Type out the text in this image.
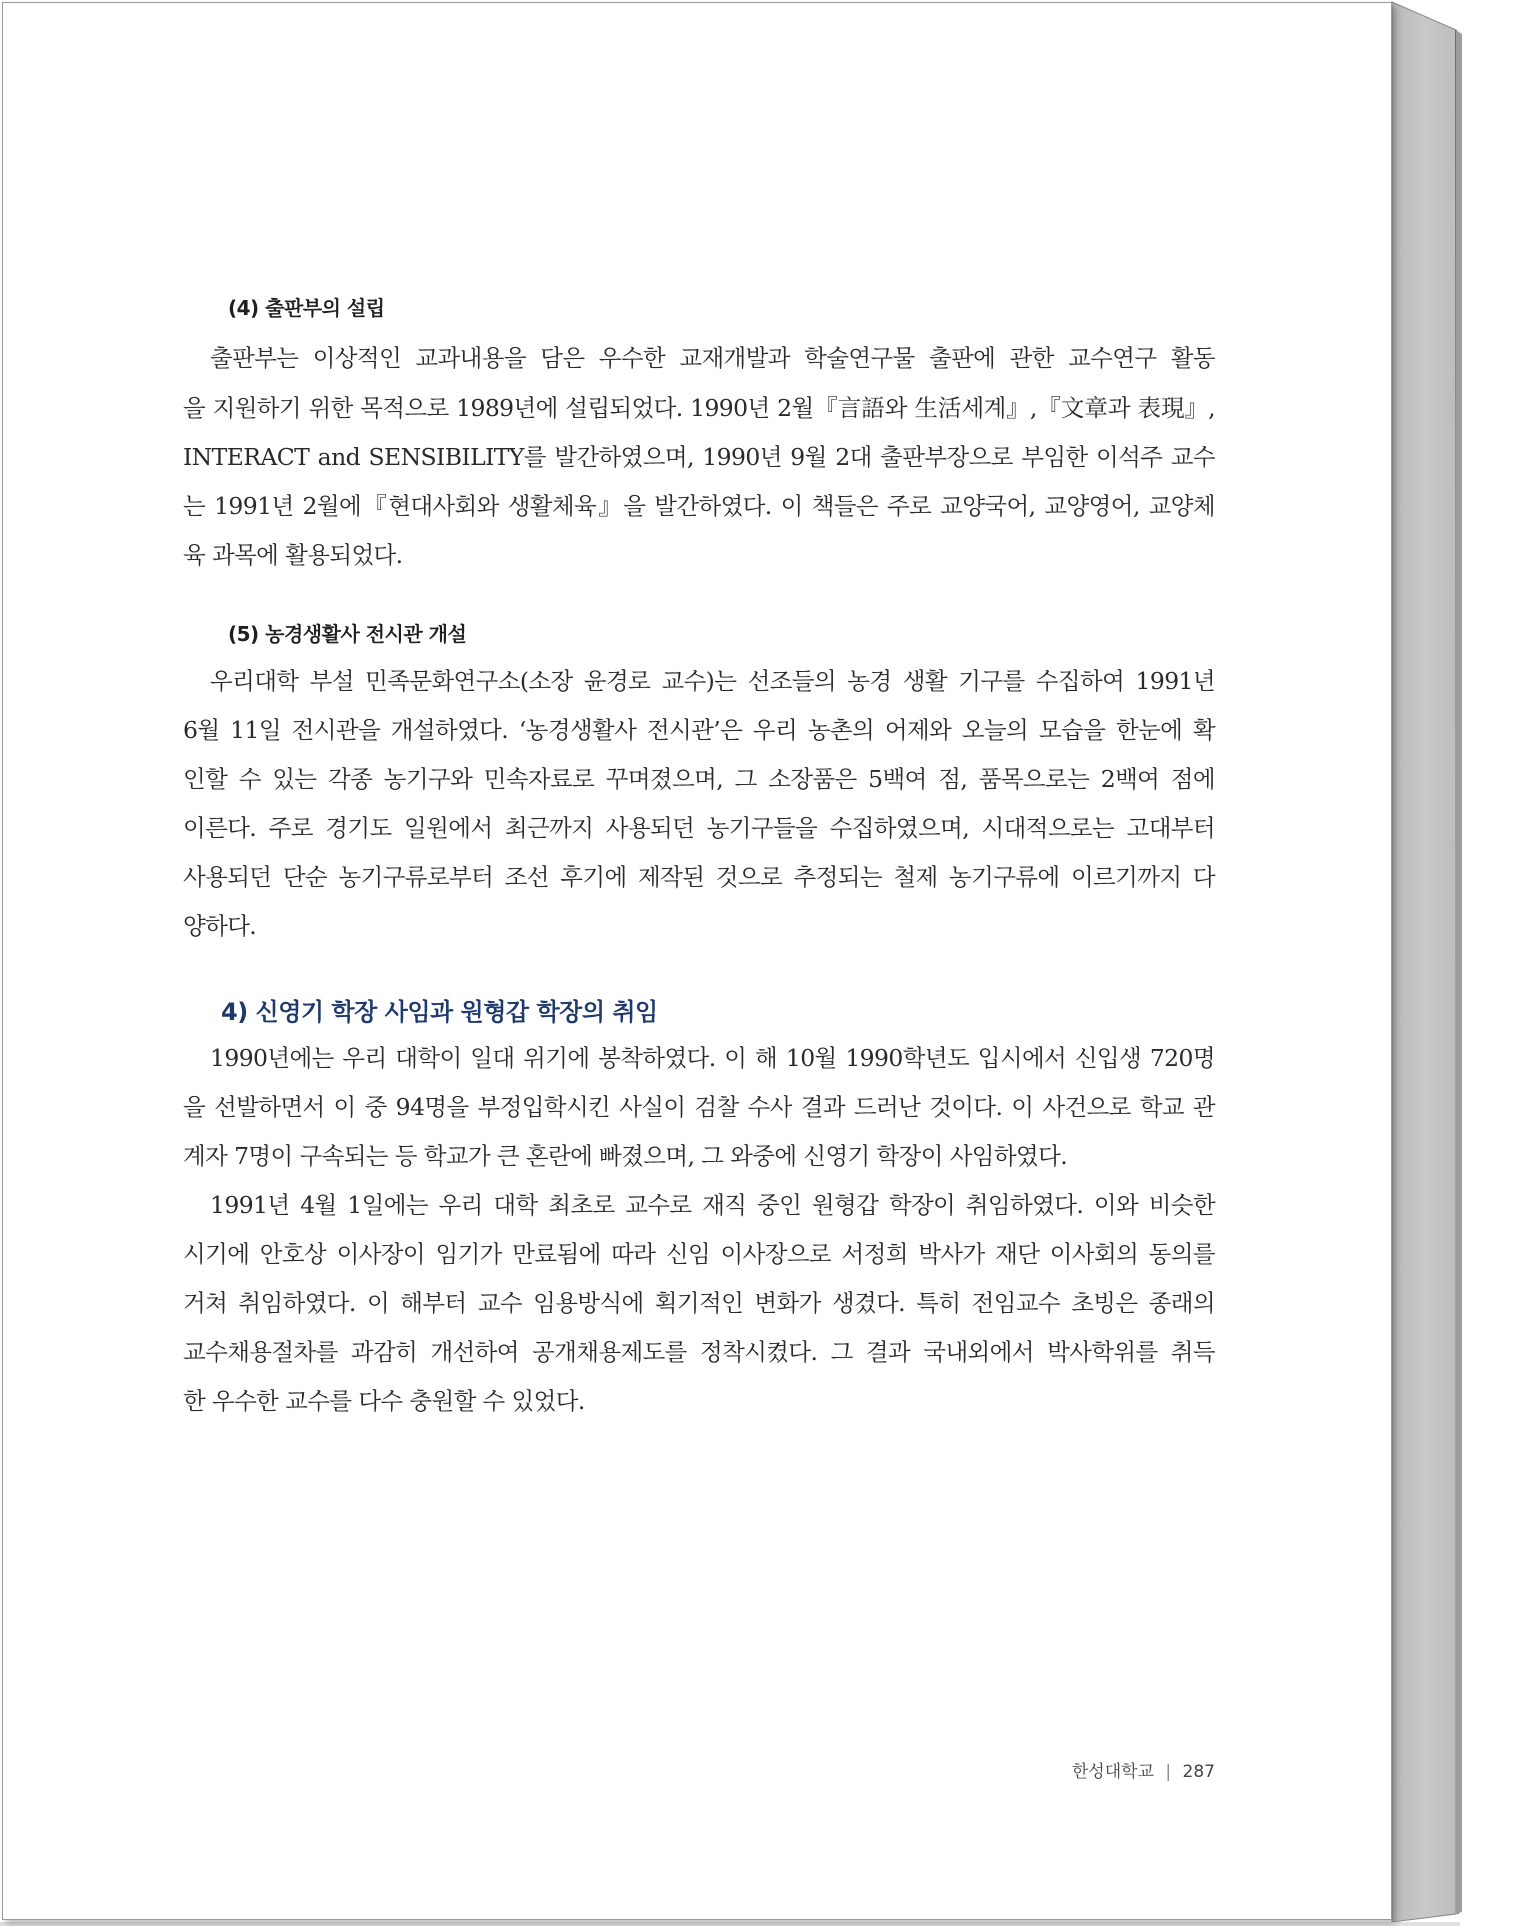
(4) 출판부의 설립
출판부는 이상적인 교과내용을 담은 우수한 교재개발과 학술연구물 출판에 관한 교수연구 활동
을 지원하기 위한 목적으로 1989년에 설립되었다. 1990년 2월『言語와 生活세계』,『文章과 表現』,
INTERACT and SENSIBILITY를 발간하였으며, 1990년 9월 2대 출판부장으로 부임한 이석주 교수
는 1991년 2월에『현대사회와 생활체육』을 발간하였다. 이 책들은 주로 교양국어, 교양영어, 교양체
육 과목에 활용되었다.
(5) 농경생활사 전시관 개설
우리대학 부설 민족문화연구소(소장 윤경로 교수)는 선조들의 농경 생활 기구를 수집하여 1991년
6월 11일 전시관을 개설하였다. ‘농경생활사 전시관’은 우리 농촌의 어제와 오늘의 모습을 한눈에 확
인할 수 있는 각종 농기구와 민속자료로 꾸며졌으며, 그 소장품은 5백여 점, 품목으로는 2백여 점에
이른다. 주로 경기도 일원에서 최근까지 사용되던 농기구들을 수집하였으며, 시대적으로는 고대부터
사용되던 단순 농기구류로부터 조선 후기에 제작된 것으로 추정되는 철제 농기구류에 이르기까지 다
양하다.
4) 신영기 학장 사임과 원형갑 학장의 취임
1990년에는 우리 대학이 일대 위기에 봉착하였다. 이 해 10월 1990학년도 입시에서 신입생 720명
을 선발하면서 이 중 94명을 부정입학시킨 사실이 검찰 수사 결과 드러난 것이다. 이 사건으로 학교 관
계자 7명이 구속되는 등 학교가 큰 혼란에 빠졌으며, 그 와중에 신영기 학장이 사임하였다.
1991년 4월 1일에는 우리 대학 최초로 교수로 재직 중인 원형갑 학장이 취임하였다. 이와 비슷한
시기에 안호상 이사장이 임기가 만료됨에 따라 신임 이사장으로 서정희 박사가 재단 이사회의 동의를
거쳐 취임하였다. 이 해부터 교수 임용방식에 획기적인 변화가 생겼다. 특히 전임교수 초빙은 종래의
교수채용절차를 과감히 개선하여 공개채용제도를 정착시켰다. 그 결과 국내외에서 박사학위를 취득
한 우수한 교수를 다수 충원할 수 있었다.
한성대학교 | 287
